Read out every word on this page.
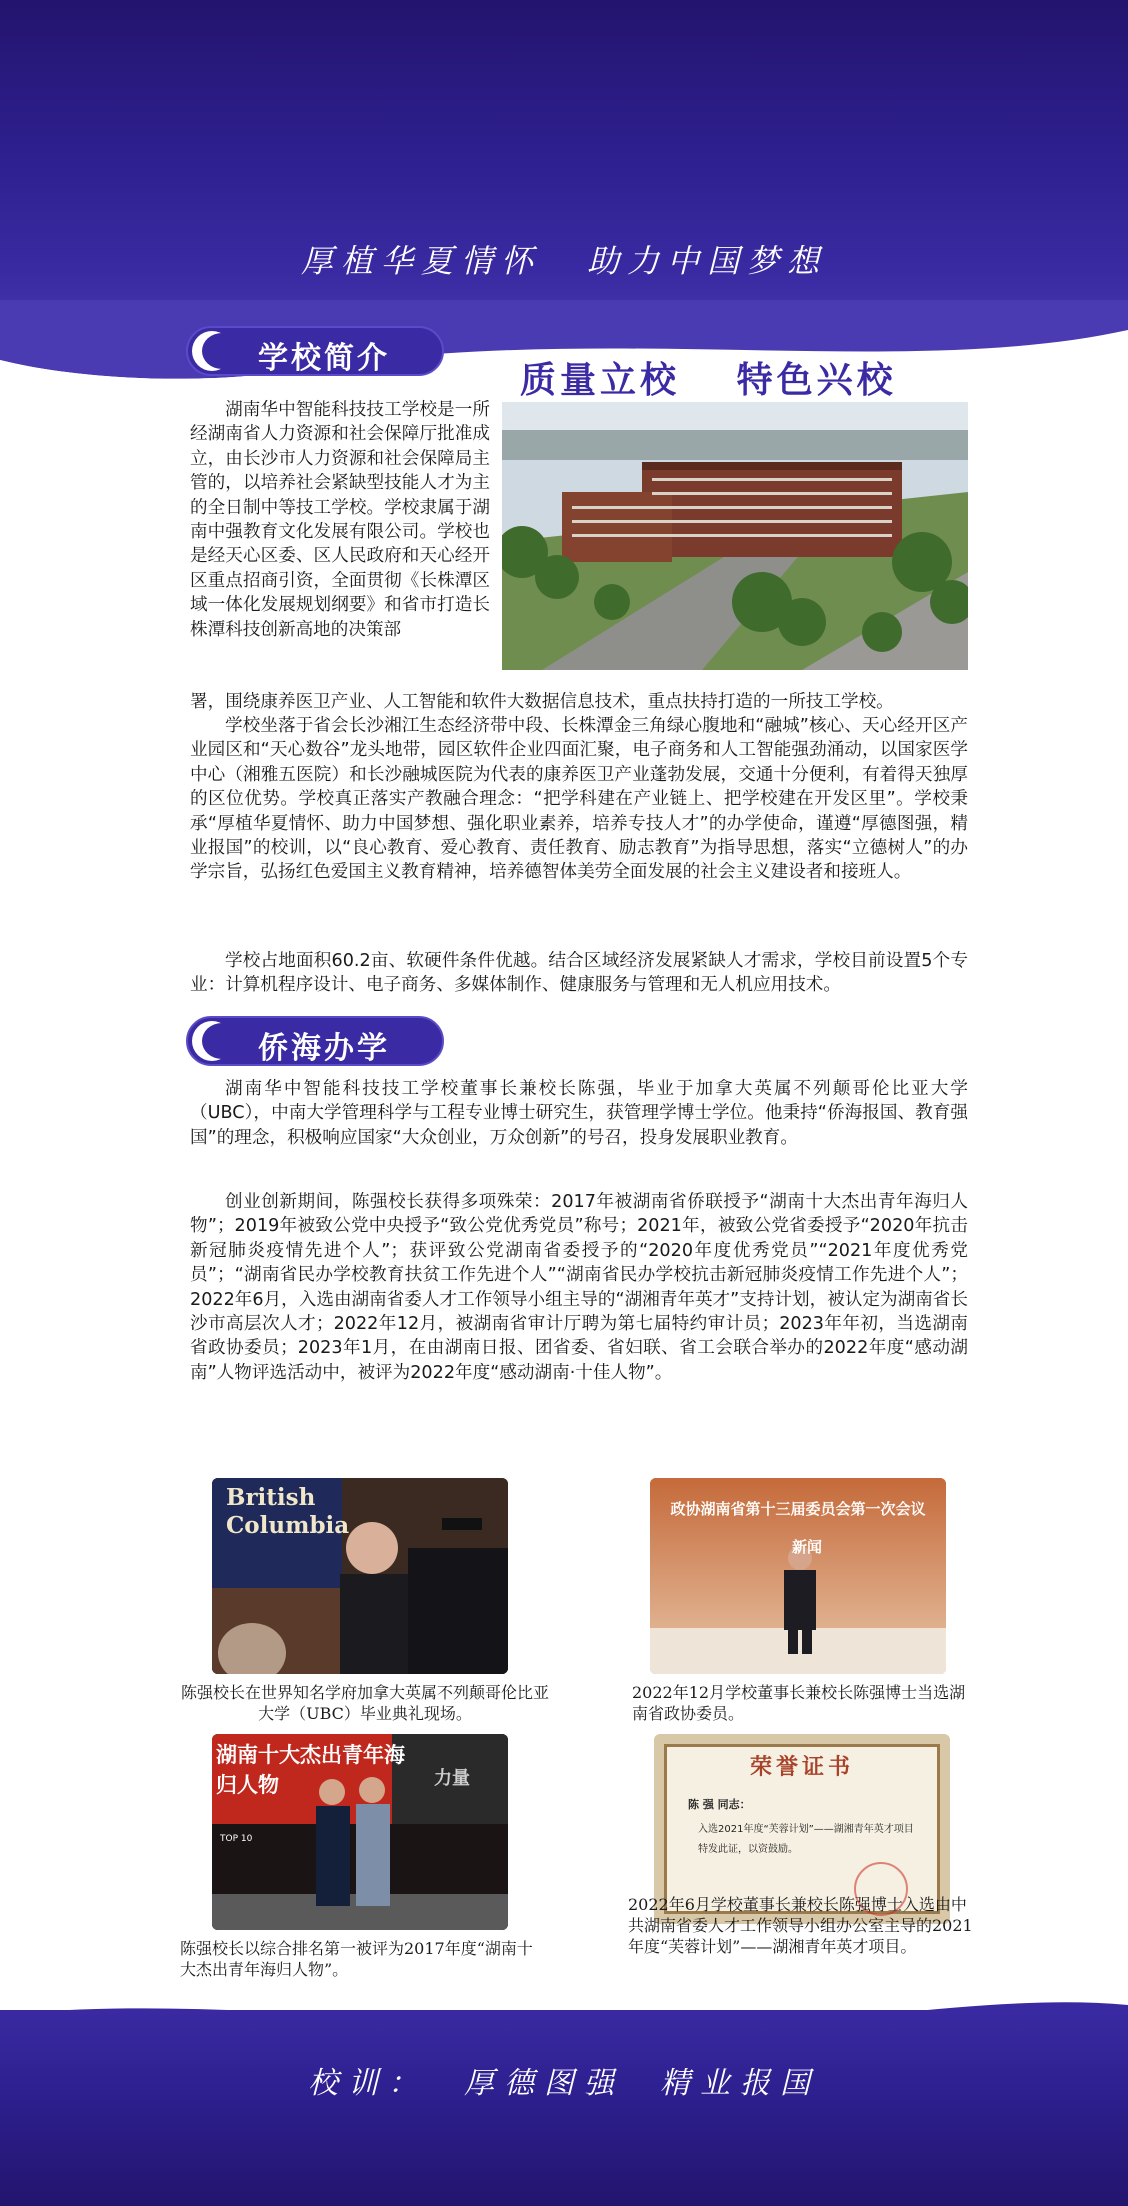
厚植华夏情怀 助力中国梦想
学校简介
质量立校 特色兴校
湖南华中智能科技技工学校是一所经湖南省人力资源和社会保障厅批准成立，由长沙市人力资源和社会保障局主管的，以培养社会紧缺型技能人才为主的全日制中等技工学校。学校隶属于湖南中强教育文化发展有限公司。学校也是经天心区委、区人民政府和天心经开区重点招商引资，全面贯彻《长株潭区域一体化发展规划纲要》和省市打造长株潭科技创新高地的决策部
署，围绕康养医卫产业、人工智能和软件大数据信息技术，重点扶持打造的一所技工学校。
学校坐落于省会长沙湘江生态经济带中段、长株潭金三角绿心腹地和“融城”核心、天心经开区产业园区和“天心数谷”龙头地带，园区软件企业四面汇聚，电子商务和人工智能强劲涌动，以国家医学中心（湘雅五医院）和长沙融城医院为代表的康养医卫产业蓬勃发展，交通十分便利，有着得天独厚的区位优势。学校真正落实产教融合理念：“把学科建在产业链上、把学校建在开发区里”。学校秉承“厚植华夏情怀、助力中国梦想、强化职业素养，培养专技人才”的办学使命，谨遵“厚德图强，精业报国”的校训，以“良心教育、爱心教育、责任教育、励志教育”为指导思想，落实“立德树人”的办学宗旨，弘扬红色爱国主义教育精神，培养德智体美劳全面发展的社会主义建设者和接班人。
学校占地面积60.2亩、软硬件条件优越。结合区域经济发展紧缺人才需求，学校目前设置5个专业：计算机程序设计、电子商务、多媒体制作、健康服务与管理和无人机应用技术。
侨海办学
湖南华中智能科技技工学校董事长兼校长陈强，毕业于加拿大英属不列颠哥伦比亚大学（UBC），中南大学管理科学与工程专业博士研究生，获管理学博士学位。他秉持“侨海报国、教育强国”的理念，积极响应国家“大众创业，万众创新”的号召，投身发展职业教育。
创业创新期间，陈强校长获得多项殊荣：2017年被湖南省侨联授予“湖南十大杰出青年海归人物”；2019年被致公党中央授予“致公党优秀党员”称号；2021年，被致公党省委授予“2020年抗击新冠肺炎疫情先进个人”；获评致公党湖南省委授予的“2020年度优秀党员”“2021年度优秀党员”；“湖南省民办学校教育扶贫工作先进个人”“湖南省民办学校抗击新冠肺炎疫情工作先进个人”；2022年6月，入选由湖南省委人才工作领导小组主导的“湖湘青年英才”支持计划，被认定为湖南省长沙市高层次人才；2022年12月，被湖南省审计厅聘为第七届特约审计员；2023年年初，当选湖南省政协委员；2023年1月，在由湖南日报、团省委、省妇联、省工会联合举办的2022年度“感动湖南”人物评选活动中，被评为2022年度“感动湖南·十佳人物”。
British Columbia
陈强校长在世界知名学府加拿大英属不列颠哥伦比亚大学（UBC）毕业典礼现场。
政协湖南省第十三届委员会第一次会议
新闻
2022年12月学校董事长兼校长陈强博士当选湖南省政协委员。
湖南十大杰出青年海归人物	力量
TOP 10
陈强校长以综合排名第一被评为2017年度“湖南十大杰出青年海归人物”。
荣誉证书
陈 强 同志：
入选2021年度“芙蓉计划”——湖湘青年英才项目
特发此证，以资鼓励。
2022年6月学校董事长兼校长陈强博士入选由中共湖南省委人才工作领导小组办公室主导的2021年度“芙蓉计划”——湖湘青年英才项目。
校训： 厚德图强 精业报国
